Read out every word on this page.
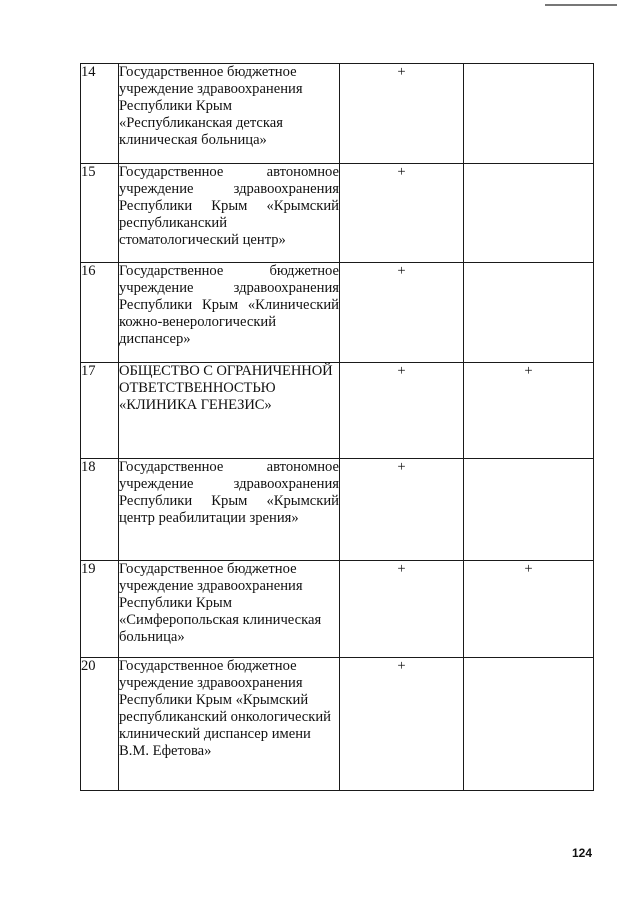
14	Государственное бюджетное учреждение здравоохранения Республики Крым «Республиканская детская клиническая больница»	+	
15	Государственное автономное учреждение здравоохранения Республики Крым «Крымский республиканский стоматологический центр»	+	
16	Государственное бюджетное учреждение здравоохранения Республики Крым «Клинический кожно-венерологический диспансер»	+	
17	ОБЩЕСТВО С ОГРАНИЧЕННОЙ ОТВЕТСТВЕННОСТЬЮ «КЛИНИКА ГЕНЕЗИС»	+	+
18	Государственное автономное учреждение здравоохранения Республики Крым «Крымский центр реабилитации зрения»	+	
19	Государственное бюджетное учреждение здравоохранения Республики Крым «Симферопольская клиническая больница»	+	+
20	Государственное бюджетное учреждение здравоохранения Республики Крым «Крымский республиканский онкологический клинический диспансер имени В.М. Ефетова»	+	
124
